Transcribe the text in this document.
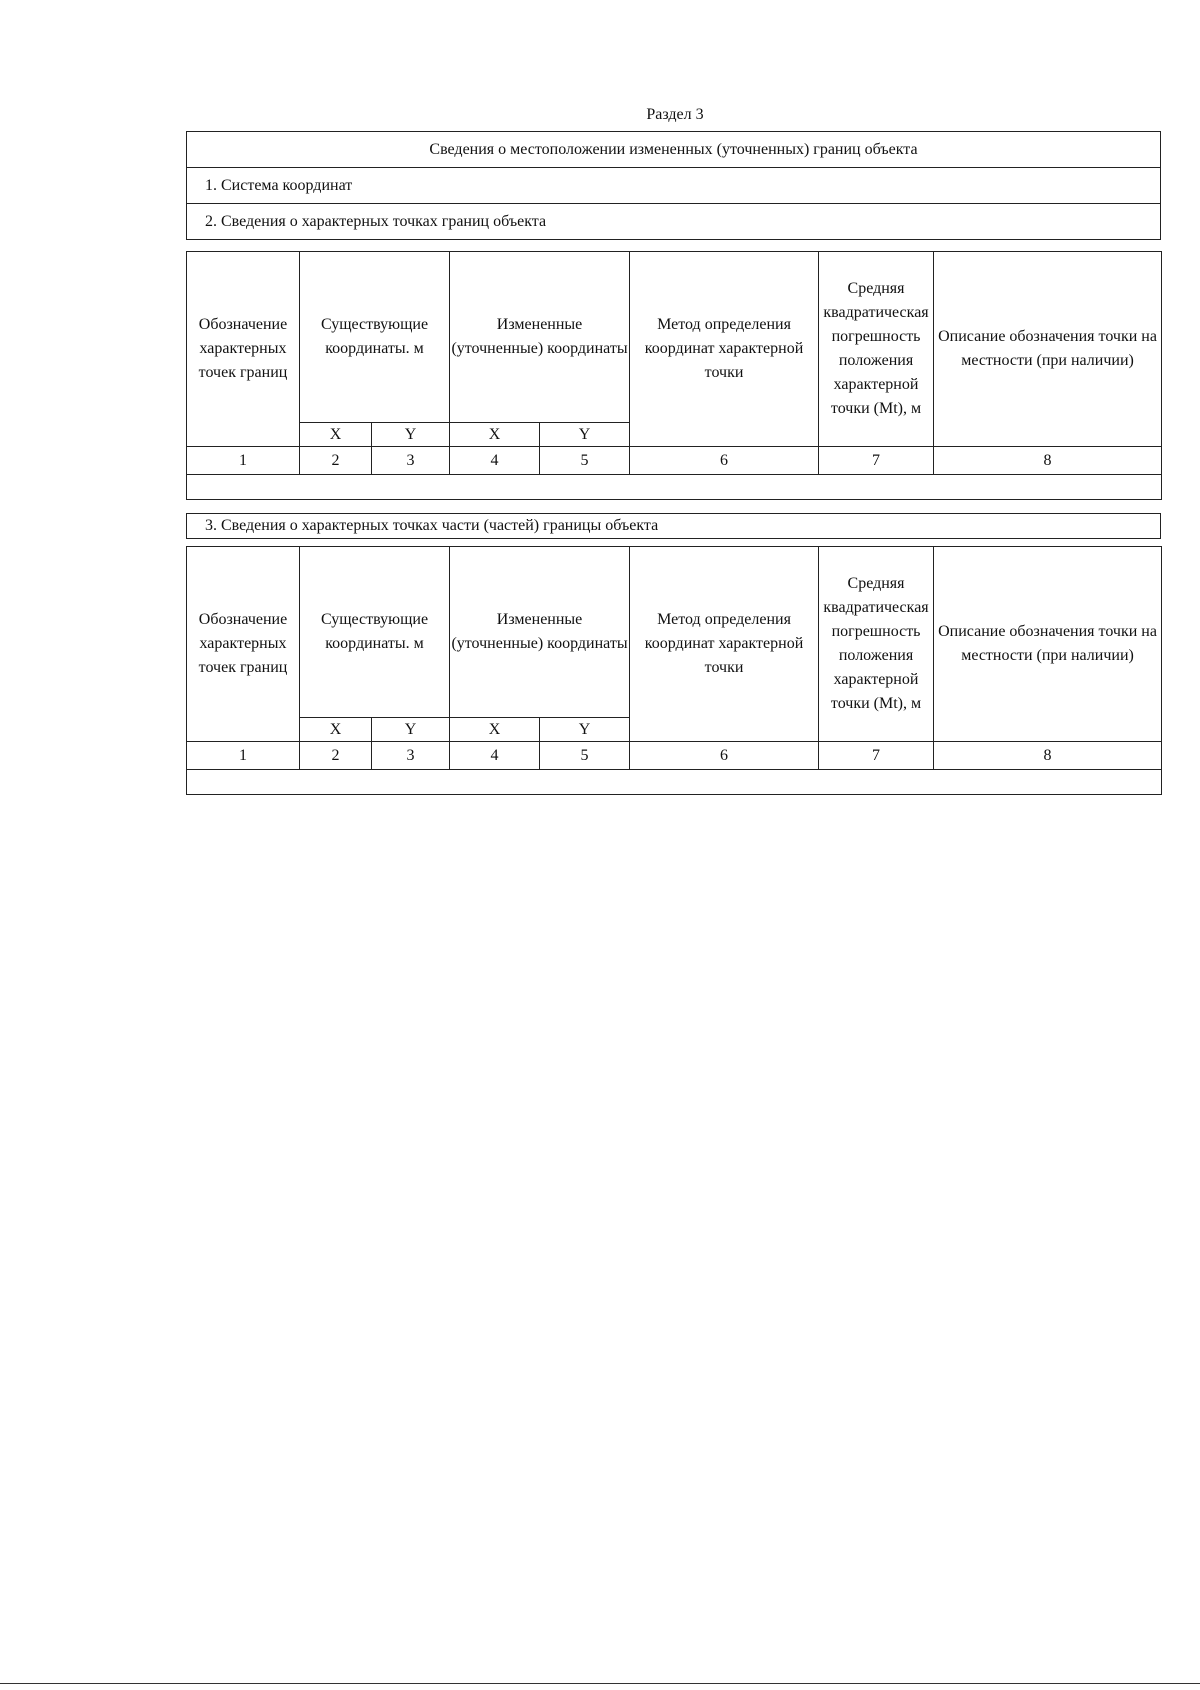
Раздел 3
Сведения о местоположении измененных (уточненных) границ объекта
1. Система координат
2. Сведения о характерных точках границ объекта
Обозначение характерных точек границ	Существующие координаты. м		Измененные (уточненные) координаты		Метод определения координат характерной точки	Средняя квадратическая погрешность положения характерной точки (Mt), м	Описание обозначения точки на местности (при наличии)
	X	Y	X	Y			
1	2	3	4	5	6	7	8

3. Сведения о характерных точках части (частей) границы объекта
Обозначение характерных точек границ	Существующие координаты. м		Измененные (уточненные) координаты		Метод определения координат характерной точки	Средняя квадратическая погрешность положения характерной точки (Mt), м	Описание обозначения точки на местности (при наличии)
	X	Y	X	Y			
1	2	3	4	5	6	7	8
